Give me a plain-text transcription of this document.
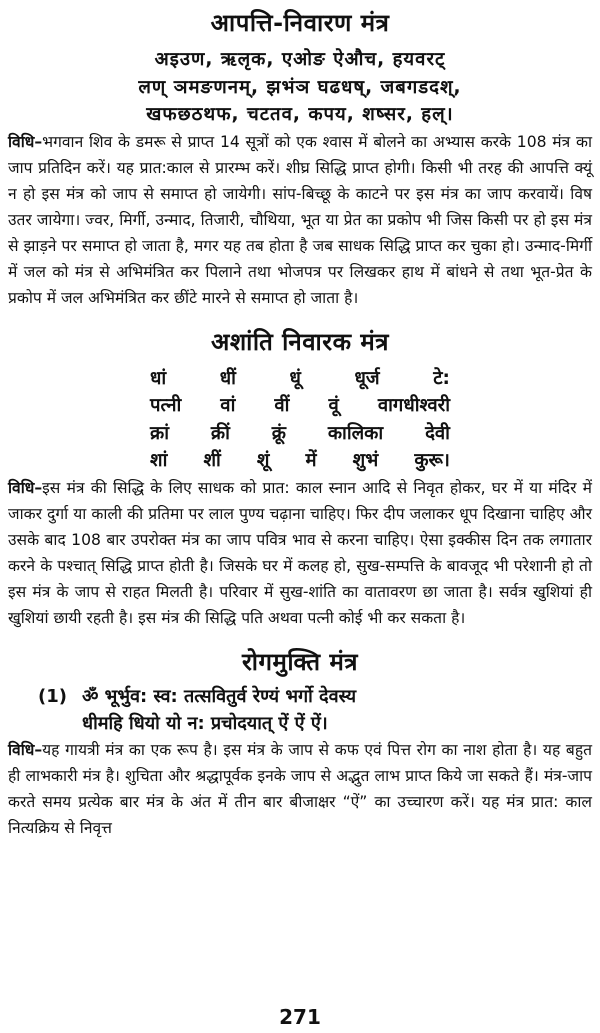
आपत्ति-निवारण मंत्र
अइउण, ऋलृक, एओङ ऐऔच, हयवरट्
लण् ञमङणनम्, झभंञ घढधष्, जबगडदश्,
खफछठथफ, चटतव, कपय, शष्सर, हल्।

विधि–भगवान शिव के डमरू से प्राप्त 14 सूत्रों को एक श्वास में बोलने का अभ्यास करके 108 मंत्र का जाप प्रतिदिन करें। यह प्रात:काल से प्रारम्भ करें। शीघ्र सिद्धि प्राप्त होगी। किसी भी तरह की आपत्ति क्यूं न हो इस मंत्र को जाप से समाप्त हो जायेगी। सांप-बिच्छू के काटने पर इस मंत्र का जाप करवायें। विष उतर जायेगा। ज्वर, मिर्गी, उन्माद, तिजारी, चौथिया, भूत या प्रेत का प्रकोप भी जिस किसी पर हो इस मंत्र से झाड़ने पर समाप्त हो जाता है, मगर यह तब होता है जब साधक सिद्धि प्राप्त कर चुका हो। उन्माद-मिर्गी में जल को मंत्र से अभिमंत्रित कर पिलाने तथा भोजपत्र पर लिखकर हाथ में बांधने से तथा भूत-प्रेत के प्रकोप में जल अभिमंत्रित कर छींटे मारने से समाप्त हो जाता है।

अशांति निवारक मंत्र
धां	धीं	धूं	धूर्ज	टे:
पत्नी वां वीं वूं वागधीश्वरी
क्रां क्रीं क्रूं कालिका देवी
शां शीं शूं में शुभं कुरू।

विधि–इस मंत्र की सिद्धि के लिए साधक को प्रात: काल स्नान आदि से निवृत होकर, घर में या मंदिर में जाकर दुर्गा या काली की प्रतिमा पर लाल पुण्य चढ़ाना चाहिए। फिर दीप जलाकर धूप दिखाना चाहिए और उसके बाद 108 बार उपरोक्त मंत्र का जाप पवित्र भाव से करना चाहिए। ऐसा इक्कीस दिन तक लगातार करने के पश्चात् सिद्धि प्राप्त होती है। जिसके घर में कलह हो, सुख-सम्पत्ति के बावजूद भी परेशानी हो तो इस मंत्र के जाप से राहत मिलती है। परिवार में सुख-शांति का वातावरण छा जाता है। सर्वत्र खुशियां ही खुशियां छायी रहती है। इस मंत्र की सिद्धि पति अथवा पत्नी कोई भी कर सकता है।

रोगमुक्ति मंत्र
(1) ॐ भूर्भुव: स्व: तत्सवितुर्व रेण्यं भर्गो देवस्य
धीमहि धियो यो न: प्रचोदयात् ऐं ऐं ऐं।

विधि–यह गायत्री मंत्र का एक रूप है। इस मंत्र के जाप से कफ एवं पित्त रोग का नाश होता है। यह बहुत ही लाभकारी मंत्र है। शुचिता और श्रद्धापूर्वक इनके जाप से अद्भुत लाभ प्राप्त किये जा सकते हैं। मंत्र-जाप करते समय प्रत्येक बार मंत्र के अंत में तीन बार बीजाक्षर “ऐं” का उच्चारण करें। यह मंत्र प्रात: काल नित्यक्रिय से निवृत्त

271
